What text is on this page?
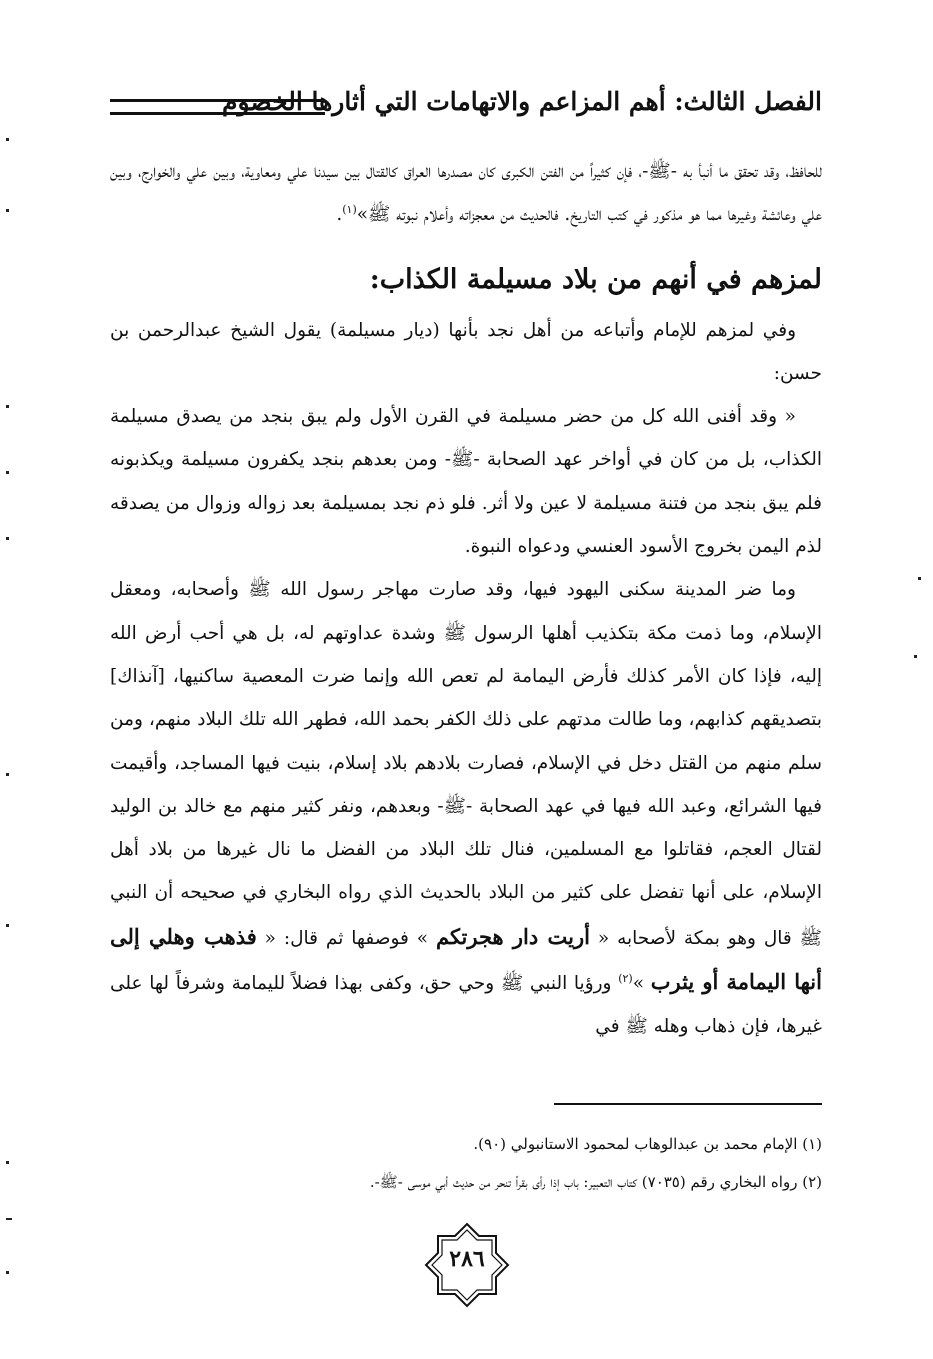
الفصل الثالث: أهم المزاعم والاتهامات التي أثارها الخصوم

للحافظ، وقد تحقق ما أنبأ به -ﷺ-، فإن كثيراً من الفتن الكبرى كان مصدرها العراق كالقتال بين سيدنا علي ومعاوية، وبين علي والخوارج، وبين علي وعائشة وغيرها مما هو مذكور في كتب التاريخ. فالحديث من معجزاته وأعلام نبوته ﷺ»$^{(١)}$.

لمزهم في أنهم من بلاد مسيلمة الكذاب:

وفي لمزهم للإمام وأتباعه من أهل نجد بأنها (ديار مسيلمة) يقول الشيخ عبدالرحمن بن حسن:

« وقد أفنى الله كل من حضر مسيلمة في القرن الأول ولم يبق بنجد من يصدق مسيلمة الكذاب، بل من كان في أواخر عهد الصحابة -ﷺ- ومن بعدهم بنجد يكفرون مسيلمة ويكذبونه فلم يبق بنجد من فتنة مسيلمة لا عين ولا أثر. فلو ذم نجد بمسيلمة بعد زواله وزوال من يصدقه لذم اليمن بخروج الأسود العنسي ودعواه النبوة.

وما ضر المدينة سكنى اليهود فيها، وقد صارت مهاجر رسول الله ﷺ وأصحابه، ومعقل الإسلام، وما ذمت مكة بتكذيب أهلها الرسول ﷺ وشدة عداوتهم له، بل هي أحب أرض الله إليه، فإذا كان الأمر كذلك فأرض اليمامة لم تعص الله وإنما ضرت المعصية ساكنيها، [آنذاك] بتصديقهم كذابهم، وما طالت مدتهم على ذلك الكفر بحمد الله، فطهر الله تلك البلاد منهم، ومن سلم منهم من القتل دخل في الإسلام، فصارت بلادهم بلاد إسلام، بنيت فيها المساجد، وأقيمت فيها الشرائع، وعبد الله فيها في عهد الصحابة -ﷺ- وبعدهم، ونفر كثير منهم مع خالد بن الوليد لقتال العجم، فقاتلوا مع المسلمين، فنال تلك البلاد من الفضل ما نال غيرها من بلاد أهل الإسلام، على أنها تفضل على كثير من البلاد بالحديث الذي رواه البخاري في صحيحه أن النبي ﷺ قال وهو بمكة لأصحابه « أريت دار هجرتكم » فوصفها ثم قال: « فذهب وهلي إلى أنها اليمامة أو يثرب »$^{(٢)}$ ورؤيا النبي ﷺ وحي حق، وكفى بهذا فضلاً لليمامة وشرفاً لها على غيرها، فإن ذهاب وهله ﷺ في

(١) الإمام محمد بن عبدالوهاب لمحمود الاستانبولي (٩٠).

(٢) رواه البخاري رقم (٧٠٣٥) كتاب التعبير: باب إذا رأى بقراً تنحر من حديث أبي موسى -ﷺ-.

٢٨٦
